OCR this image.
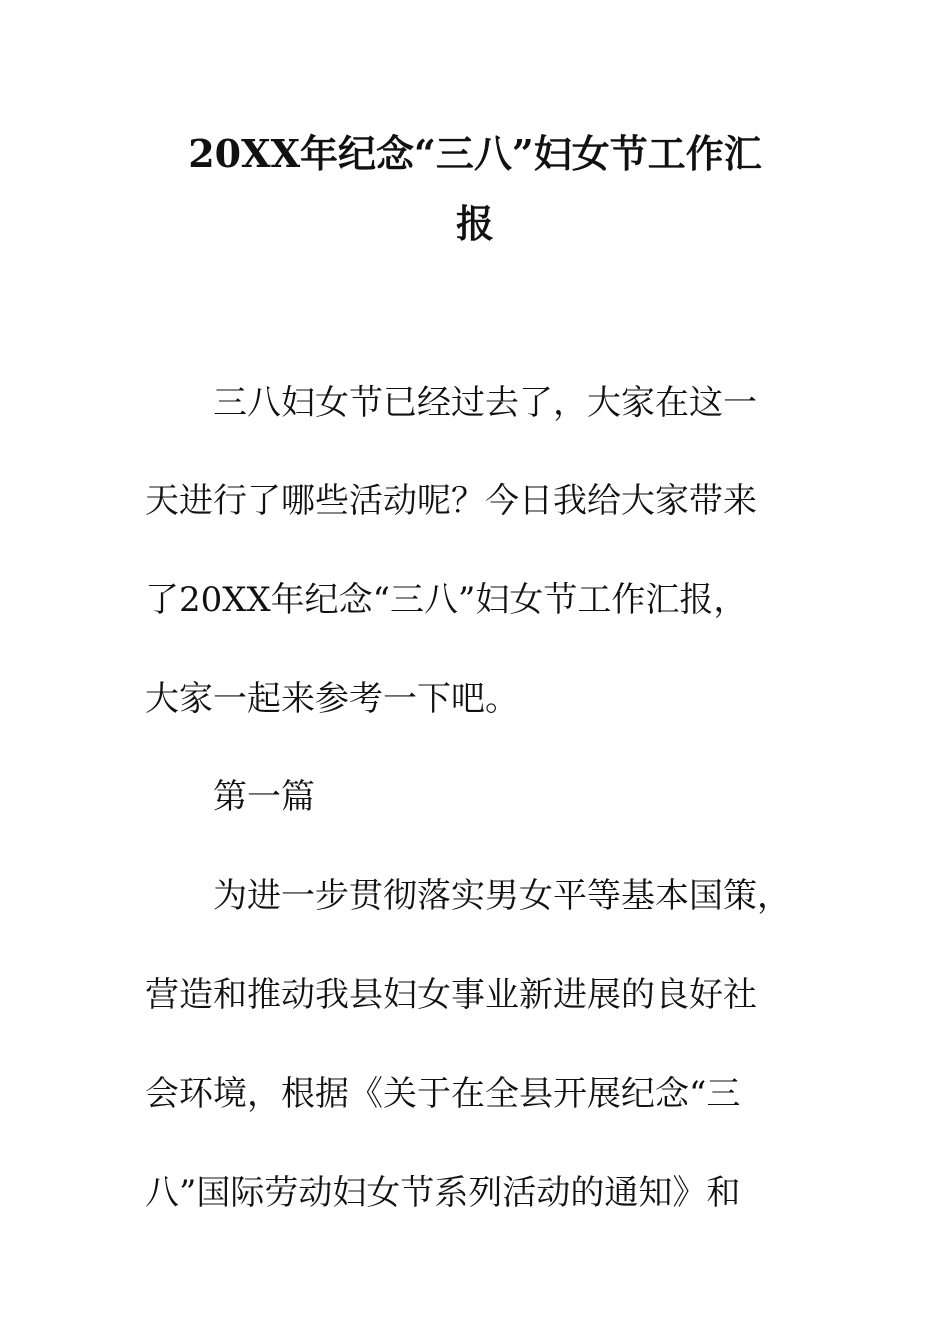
20XX年纪念“三八”妇女节工作汇
报

三八妇女节已经过去了，大家在这一

天进行了哪些活动呢？今日我给大家带来

了20XX年纪念“三八”妇女节工作汇报，

大家一起来参考一下吧。

第一篇

为进一步贯彻落实男女平等基本国策，

营造和推动我县妇女事业新进展的良好社

会环境，根据《关于在全县开展纪念“三

八”国际劳动妇女节系列活动的通知》和
